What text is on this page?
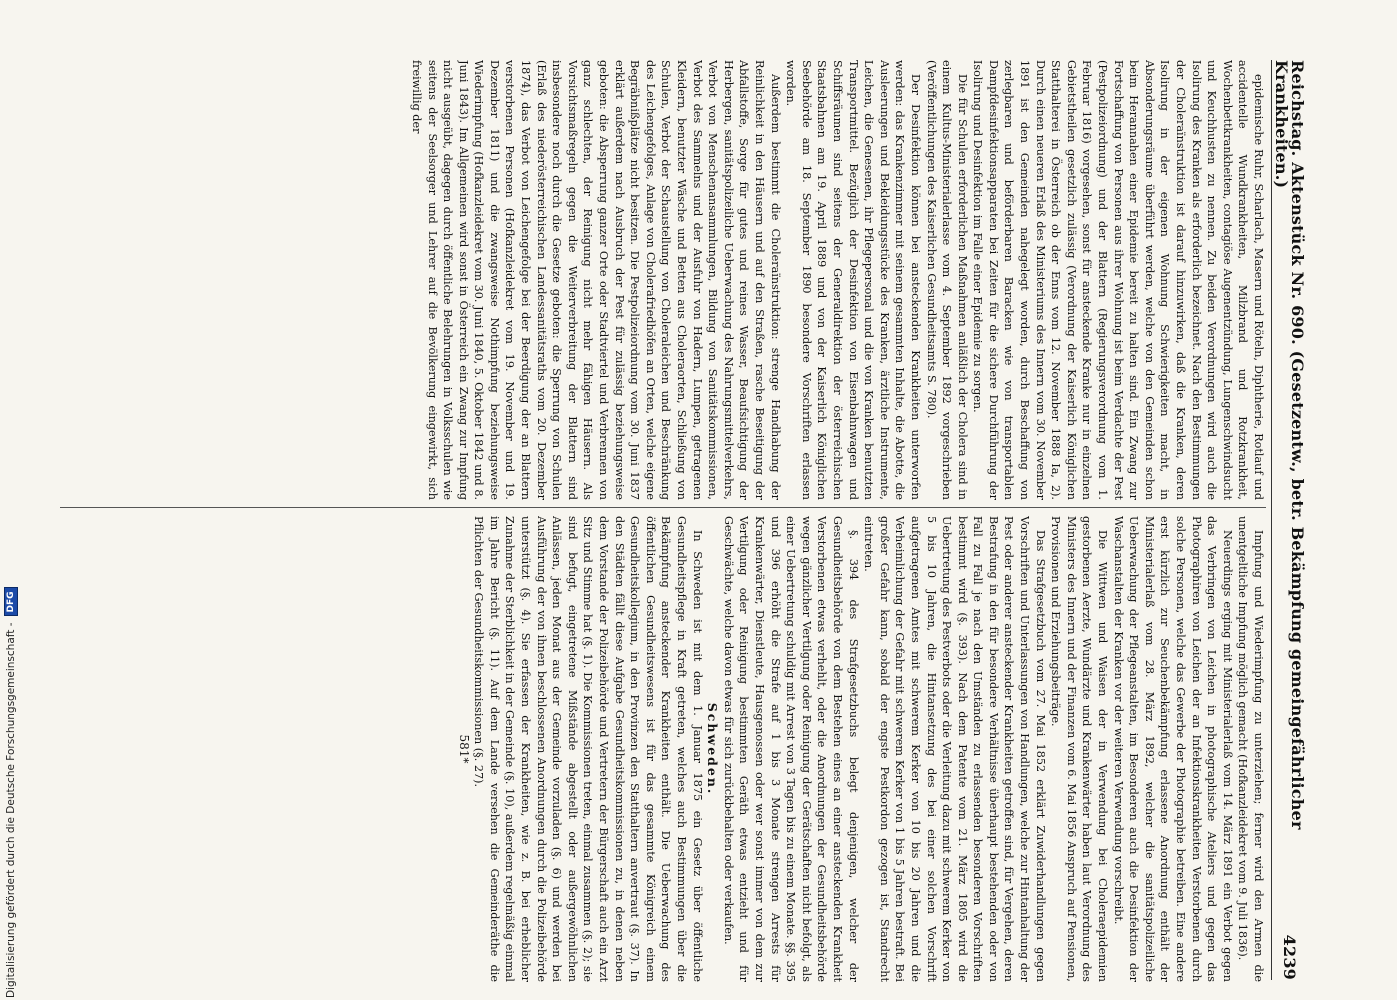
Reichstag. Aktenstück Nr. 690. (Gesetzentw., betr. Bekämpfung gemeingefährlicher Krankheiten.)
4239

epidemische Ruhr, Scharlach, Masern und Röteln, Diphtherie, Rotlauf und accidentelle Wundkrankheiten, Milzbrand und Rotzkrankheit, Wochenbettkrankheiten, contagiöse Augenentzündung, Lungenschwindsucht und Keuchhusten zu nennen. Zu beiden Verordnungen wird auch die Isolirung des Kranken als erforderlich bezeichnet. Nach den Bestimmungen der Choleraïnstruktion ist darauf hinzuwirken, daß die Kranken, deren Isolirung in der eigenen Wohnung Schwierigkeiten macht, in Absonderungsräume überführt werden, welche von den Gemeinden schon beim Herannahen einer Epidemie bereit zu halten sind. Ein Zwang zur Fortschaffung von Personen aus ihrer Wohnung ist beim Verdachte der Pest (Pestpolizeiordnung) und der Blattern (Regierungsverordnung vom 1. Februar 1816) vorgesehen, sonst für ansteckende Kranke nur in einzelnen Gebietstheilen gesetzlich zulässig (Verordnung der Kaiserlich Königlichen Statthalterei in Österreich ob der Enns vom 12. November 1888 Ia, 2). Durch einen neueren Erlaß des Ministeriums des Innern vom 30. November 1891 ist den Gemeinden nahegelegt worden, durch Beschaffung von zerlegbaren und beförderbaren Baracken wie von transportablen Dampfdesinfektionsapparaten bei Zeiten für die sichere Durchführung der Isolirung und Desinfektion im Falle einer Epidemie zu sorgen.

Die für Schulen erforderlichen Maßnahmen anläßlich der Cholera sind in einem Kultus-Ministerialerlasse vom 4. September 1892 vorgeschrieben (Veröffentlichungen des Kaiserlichen Gesundheitsamts S. 780).

Der Desinfektion können bei ansteckenden Krankheiten unterworfen werden: das Krankenzimmer mit seinem gesammten Inhalte, die Abotte, die Ausleerungen und Bekleidungsstücke des Kranken, ärztliche Instrumente, Leichen, die Genesenen, ihr Pflegepersonal und die von Kranken benutzten Transportmittel. Bezüglich der Desinfektion von Eisenbahnwagen und Schiffsräumen sind seitens der Generaldirektion der österreichischen Staatsbahnen am 19. April 1889 und von der Kaiserlich Königlichen Seebehörde am 18. September 1890 besondere Vorschriften erlassen worden.

Außerdem bestimmt die Choleraïnstruktion: strenge Handhabung der Reinlichkeit in den Häusern und auf den Straßen, rasche Beseitigung der Abfallstoffe, Sorge für gutes und reines Wasser, Beaufsichtigung der Herbergen, sanitätspolizeiliche Ueberwachung des Nahrungsmittelverkehrs, Verbot von Menschenansammlungen, Bildung von Sanitätskommissionen, Verbot des Sammelns und der Ausfuhr von Hadern, Lumpen, getragenen Kleidern, benutzter Wäsche und Betten aus Choleraorten, Schließung von Schulen, Verbot der Schaustellung von Choleraleichen und Beschränkung des Leichengefolges, Anlage von Cholerafriedhöfen an Orten, welche eigene Begräbnißplätze nicht besitzen. Die Pestpolizeiordnung vom 30. Juni 1837 erklärt außerdem nach Ausbruch der Pest für zulässig beziehungsweise geboten: die Absperrung ganzer Orte oder Stadtviertel und Verbrennen von ganz schlechten, der Reinigung nicht mehr fähigen Häusern. Als Vorsichtsmaßregeln gegen die Weiterverbreitung der Blattern sind insbesondere noch durch die Gesetze geboten: die Sperrung von Schulen (Erlaß des niederösterreichischen Landessanitätsraths vom 20. Dezember 1874), das Verbot von Leichengefolge bei der Beerdigung der an Blattern verstorbenen Personen (Hofkanzleidekret vom 19. November und 19. Dezember 1811) und die zwangsweise Nothimpfung beziehungsweise Wiederimpfung (Hofkanzleidekret vom 30. Juni 1840, 5. Oktober 1842 und 8. Juni 1843). Im Allgemeinen wird sonst in Österreich ein Zwang zur Impfung nicht ausgeübt, dagegen durch öffentliche Belehrungen in Volksschulen wie seitens der Seelsorger und Lehrer auf die Bevölkerung eingewirkt, sich freiwillig der

Impfung und Wiederimpfung zu unterziehen; ferner wird den Armen die unentgeltliche Impfung möglich gemacht (Hofkanzleidekret vom 9. Juli 1836).

Neuerdings erging mit Ministerialerlaß vom 14. März 1891 ein Verbot gegen das Verbringen von Leichen in photographische Ateliers und gegen das Photographiren von Leichen der an Infektionskrankheiten Verstorbenen durch solche Personen, welche das Gewerbe der Photographie betreiben. Eine andere erst kürzlich zur Seuchenbekämpfung erlassene Anordnung enthält der Ministerialerlaß vom 28. März 1892, welcher die sanitätspolizeiliche Ueberwachung der Pflegeanstalten, im Besonderen auch die Desinfektion der Waschanstalten der Kranken vor der weiteren Verwendung vorschreibt.

Die Wittwen und Waisen der in Verwendung bei Choleraepidemien gestorbenen Aerzte, Wundärzte und Krankenwärter haben laut Verordnung des Ministers des Innern und der Finanzen vom 6. Mai 1856 Anspruch auf Pensionen, Provisionen und Erziehungsbeiträge.

Das Strafgesetzbuch vom 27. Mai 1852 erklärt Zuwiderhandlungen gegen Vorschriften und Unterlassungen von Handlungen, welche zur Hintanhaltung der Pest oder anderer ansteckender Krankheiten getroffen sind, für Vergehen, deren Bestrafung in den für besondere Verhältnisse überhaupt bestehenden oder von Fall zu Fall je nach den Umständen zu erlassenden besonderen Vorschriften bestimmt wird (§. 393). Nach dem Patente vom 21. März 1805 wird die Uebertretung des Pestverbots oder die Verleitung dazu mit schwerem Kerker von 5 bis 10 Jahren, die Hintansetzung des bei einer solchen Vorschrift aufgetragenen Amtes mit schwerem Kerker von 10 bis 20 Jahren und die Verheimlichung der Gefahr mit schwerem Kerker von 1 bis 5 Jahren bestraft. Bei großer Gefahr kann, sobald der engste Pestkordon gezogen ist, Standrecht eintreten.

§. 394 des Strafgesetzbuchs belegt denjenigen, welcher der Gesundheitsbehörde von dem Bestehen eines an einer ansteckenden Krankheit Verstorbenen etwas verhehlt, oder die Anordnungen der Gesundheitsbehörde wegen gänzlicher Vertilgung oder Reinigung der Gerätschaften nicht befolgt, als einer Uebertretung schuldig mit Arrest von 3 Tagen bis zu einem Monate. §§. 395 und 396 erhöht die Strafe auf 1 bis 3 Monate strengen Arrests für Krankenwärter, Dienstleute, Hausgenossen oder wer sonst immer von dem zur Vertilgung oder Reinigung bestimmten Geräth etwas entzieht und für Geschwächte, welche davon etwas für sich zurückbehalten oder verkaufen.

Schweden.

In Schweden ist mit dem 1. Januar 1875 ein Gesetz über öffentliche Gesundheitspflege in Kraft getreten, welches auch Bestimmungen über die Bekämpfung ansteckender Krankheiten enthält. Die Ueberwachung des öffentlichen Gesundheitswesens ist für das gesammte Königreich einem Gesundheitskollegium, in den Provinzen den Statthaltern anvertraut (§. 37). In den Städten fällt diese Aufgabe Gesundheitskommissionen zu, in denen neben dem Vorstande der Polizeibehörde und Vertretern der Bürgerschaft auch ein Arzt Sitz und Stimme hat (§. 1). Die Kommissionen treten, einmal zusammen (§. 2); sie sind befugt, eingetretene Mißstände abgestellt oder außergewöhnlichen Anlässen, jeden Monat aus der Gemeinde vorzuladen (§. 6) und werden bei Ausführung der von ihnen beschlossenen Anordnungen durch die Polizeibehörde unterstützt (§. 4). Sie erfassen der Krankheiten, wie z. B. bei erheblicher Zunahme der Sterblichkeit in der Gemeinde (§. 10), außerdem regelmäßig einmal im Jahre Bericht (§. 11). Auf dem Lande versehen die Gemeinderäthe die Pflichten der Gesundheitskommissionen (§. 27).

581*

Digitalisierung gefördert durch die Deutsche Forschungsgemeinschaft -
DFG
